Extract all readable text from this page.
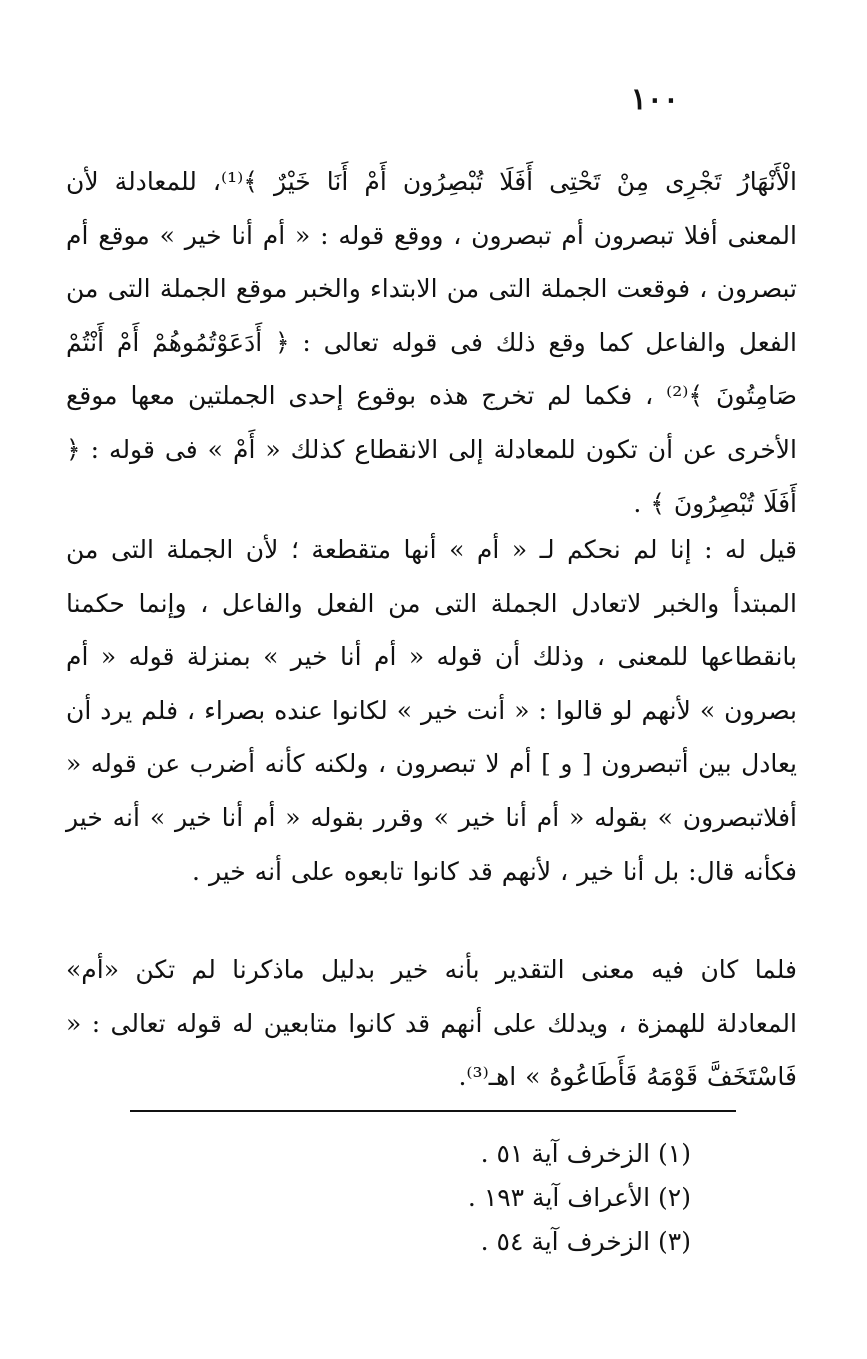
١٠٠

الْأَنْهَارُ تَجْرِى مِنْ تَحْتِى أَفَلَا تُبْصِرُون أَمْ أَنَا خَيْرٌ ﴾⁽¹⁾، للمعادلة لأن المعنى أفلا تبصرون أم تبصرون ، ووقع قوله : « أم أنا خير » موقع أم تبصرون ، فوقعت الجملة التى من الابتداء والخبر موقع الجملة التى من الفعل والفاعل كما وقع ذلك فى قوله تعالى : ﴿ أَدَعَوْتُمُوهُمْ أَمْ أَنْتُمْ صَامِتُونَ ﴾⁽²⁾ ، فكما لم تخرج هذه بوقوع إحدى الجملتين معها موقع الأخرى عن أن تكون للمعادلة إلى الانقطاع كذلك « أَمْ » فى قوله : ﴿ أَفَلَا تُبْصِرُونَ ﴾ .

قيل له : إنا لم نحكم لـ « أم » أنها متقطعة ؛ لأن الجملة التى من المبتدأ والخبر لاتعادل الجملة التى من الفعل والفاعل ، وإنما حكمنا بانقطاعها للمعنى ، وذلك أن قوله « أم أنا خير » بمنزلة قوله « أم بصرون » لأنهم لو قالوا : « أنت خير » لكانوا عنده بصراء ، فلم يرد أن يعادل بين أتبصرون [ و ] أم لا تبصرون ، ولكنه كأنه أضرب عن قوله « أفلاتبصرون » بقوله « أم أنا خير » وقرر بقوله « أم أنا خير » أنه خير فكأنه قال: بل أنا خير ، لأنهم قد كانوا تابعوه على أنه خير .

فلما كان فيه معنى التقدير بأنه خير بدليل ماذكرنا لم تكن «أم» المعادلة للهمزة ، ويدلك على أنهم قد كانوا متابعين له قوله تعالى : « فَاسْتَخَفَّ قَوْمَهُ فَأَطَاعُوهُ » اهـ⁽³⁾.

(١) الزخرف آية ٥١ .
(٢) الأعراف آية ١٩٣ .
(٣) الزخرف آية ٥٤ .
